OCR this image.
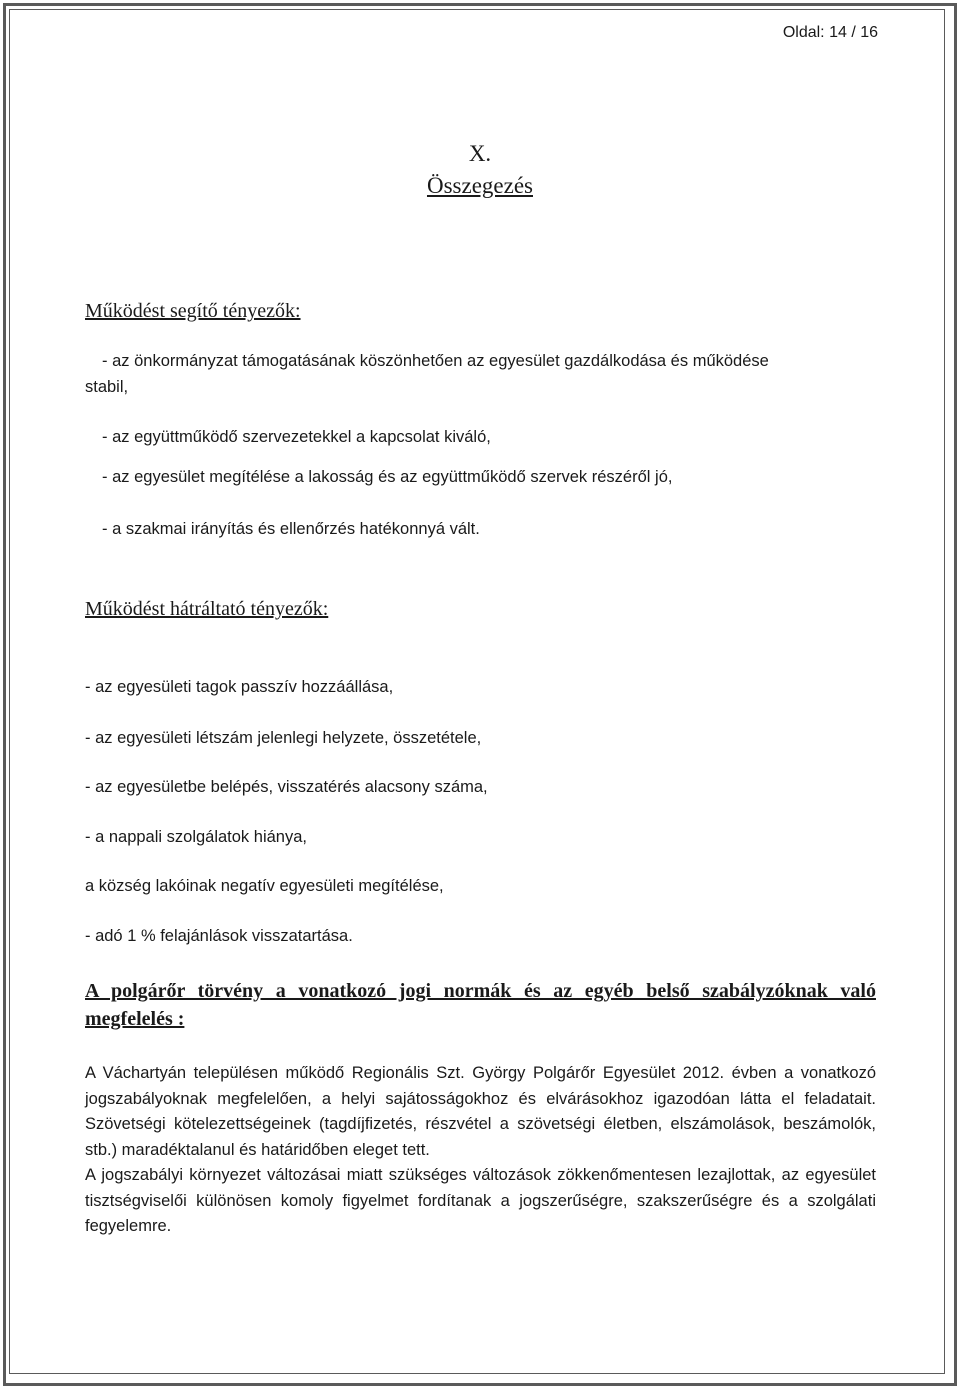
Oldal: 14 / 16
X.
Összegezés
Működést segítő tényezők:
- az önkormányzat támogatásának köszönhetően az egyesület gazdálkodása és működése
stabil,
- az együttműködő szervezetekkel a kapcsolat kiváló,
- az egyesület megítélése a lakosság és az együttműködő szervek részéről jó,
- a szakmai irányítás és ellenőrzés hatékonnyá vált.
Működést hátráltató tényezők:
- az egyesületi tagok passzív hozzáállása,
- az egyesületi létszám jelenlegi helyzete, összetétele,
- az egyesületbe belépés, visszatérés alacsony száma,
- a nappali szolgálatok hiánya,
a község lakóinak negatív egyesületi megítélése,
- adó 1 % felajánlások visszatartása.
A polgárőr törvény a vonatkozó jogi normák és az egyéb belső szabályzóknak való megfelelés :
A Váchartyán településen működő Regionális Szt. György Polgárőr Egyesület 2012. évben a vonatkozó jogszabályoknak megfelelően, a helyi sajátosságokhoz és elvárásokhoz igazodóan látta el feladatait. Szövetségi kötelezettségeinek (tagdíjfizetés, részvétel a szövetségi életben, elszámolások, beszámolók, stb.) maradéktalanul és határidőben eleget tett.
A jogszabályi környezet változásai miatt szükséges változások zökkenőmentesen lezajlottak, az egyesület tisztségviselői különösen komoly figyelmet fordítanak a jogszerűségre, szakszerűségre és a szolgálati fegyelemre.
